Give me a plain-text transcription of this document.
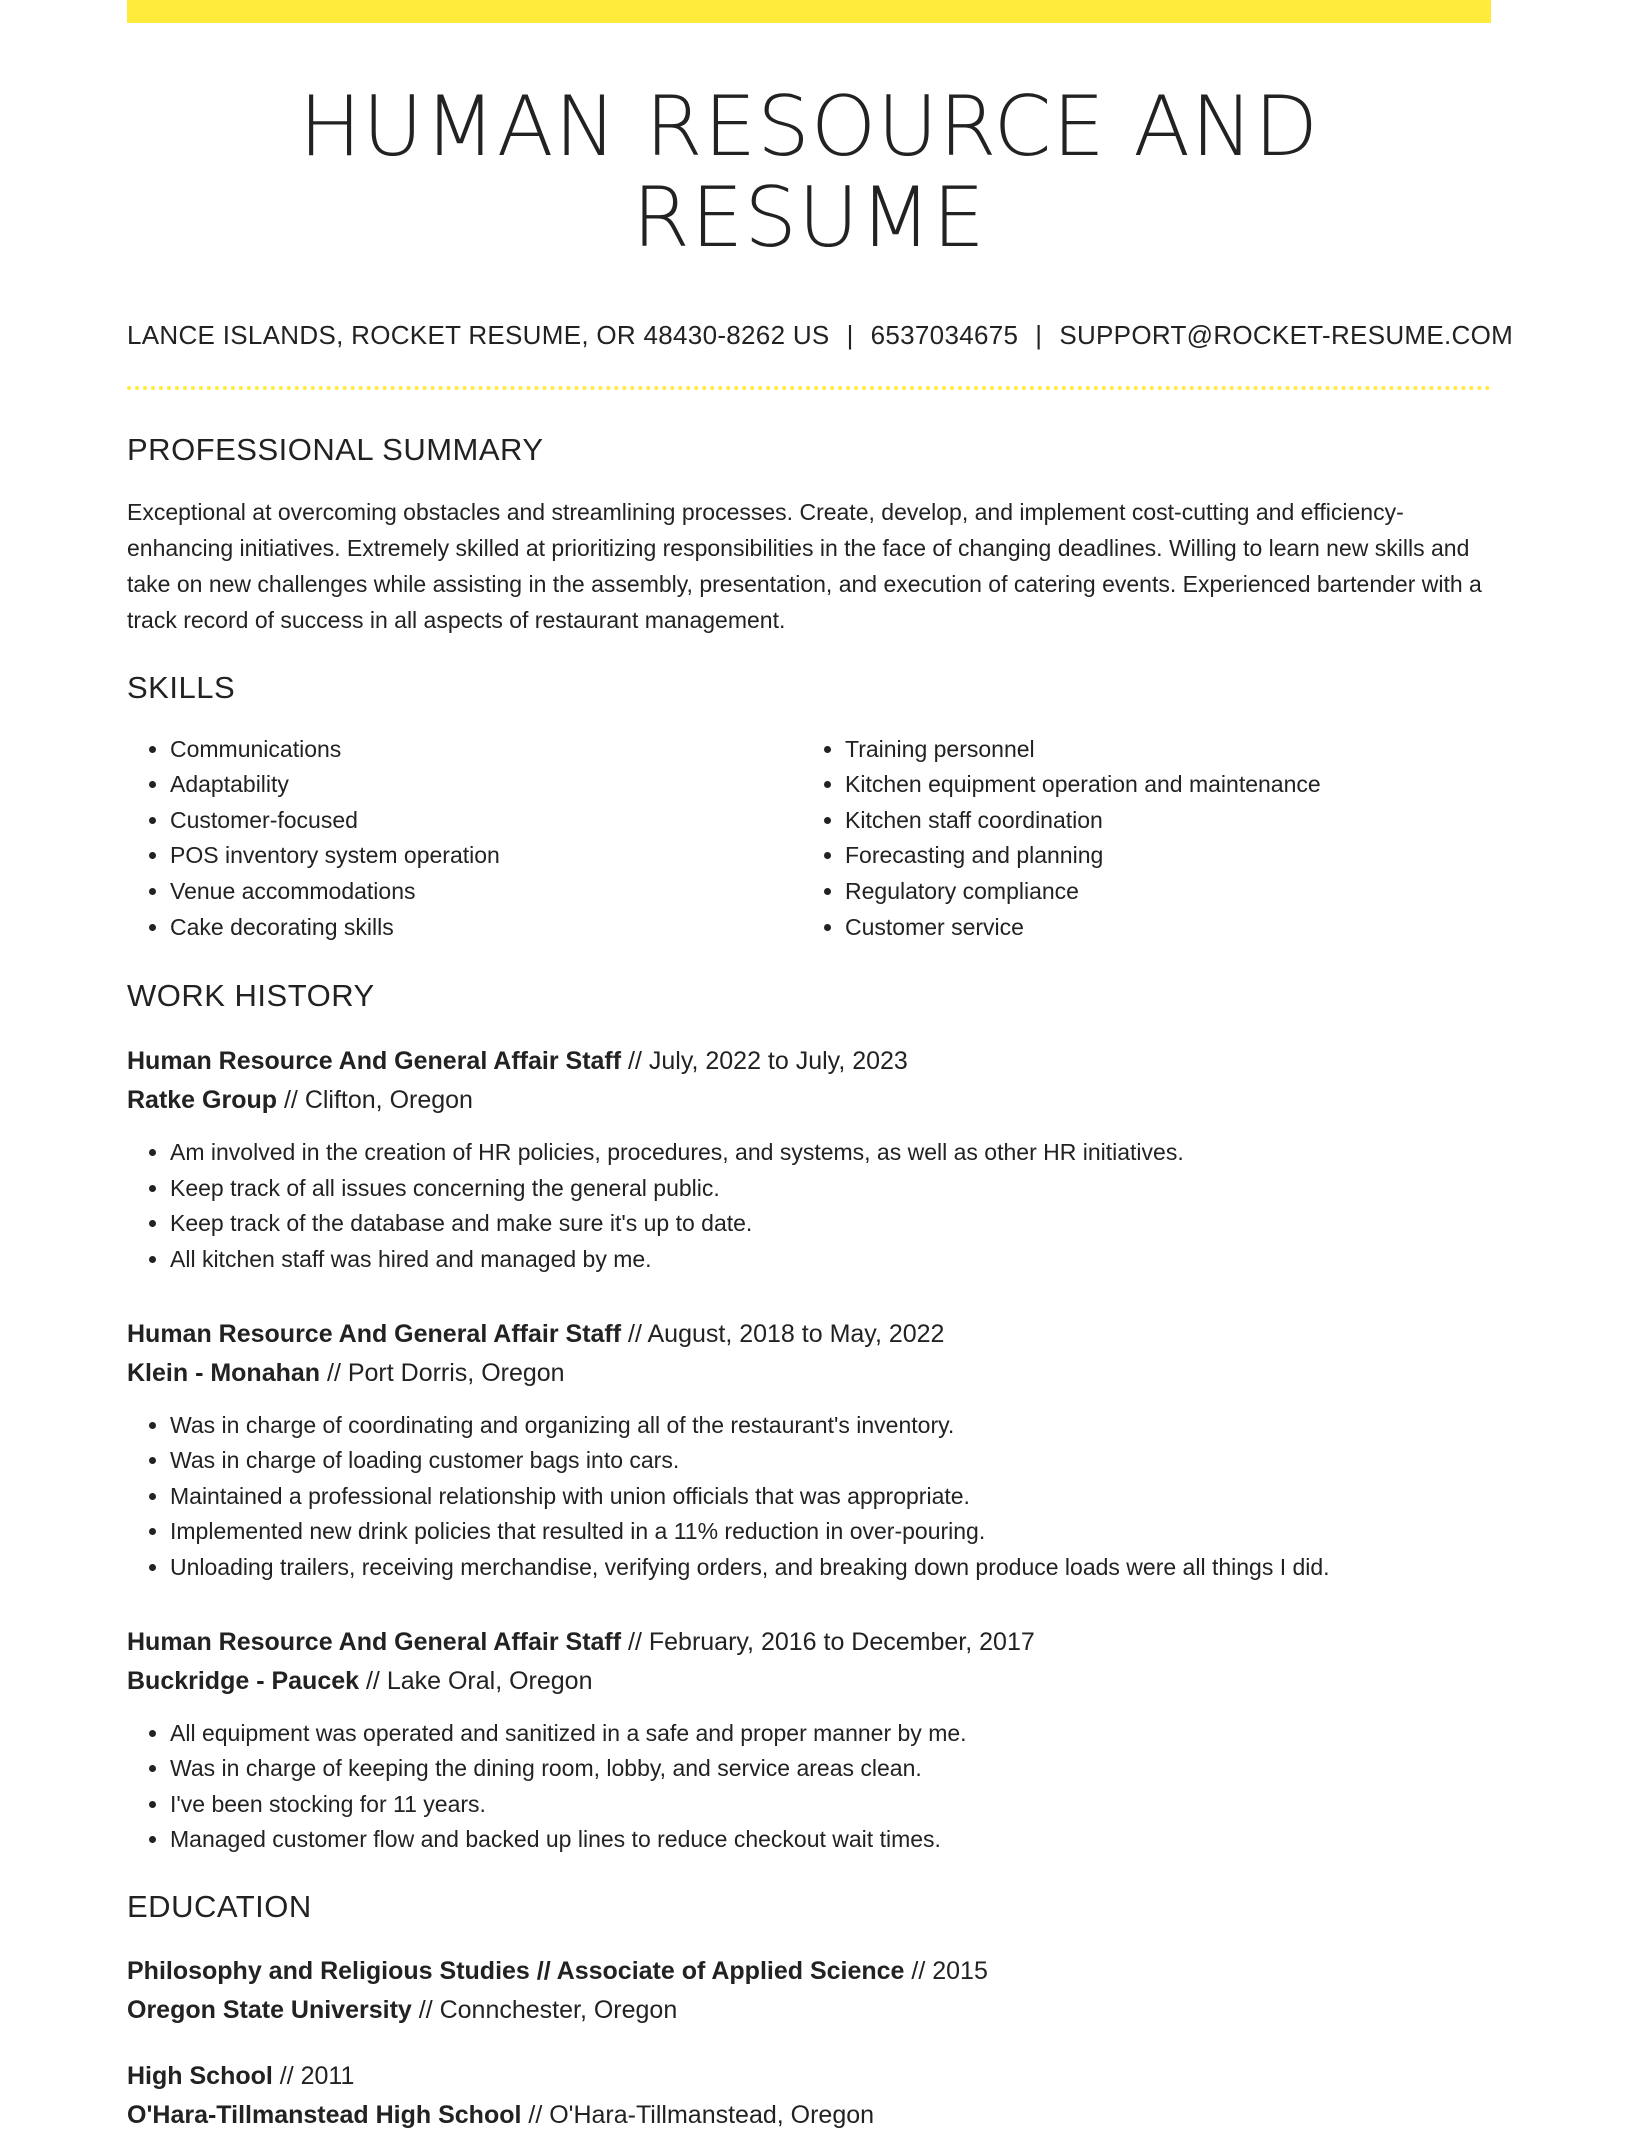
HUMAN RESOURCE AND RESUME
LANCE ISLANDS, ROCKET RESUME, OR 48430-8262 US | 6537034675 | SUPPORT@ROCKET-RESUME.COM
PROFESSIONAL SUMMARY
Exceptional at overcoming obstacles and streamlining processes. Create, develop, and implement cost-cutting and efficiency-enhancing initiatives. Extremely skilled at prioritizing responsibilities in the face of changing deadlines. Willing to learn new skills and take on new challenges while assisting in the assembly, presentation, and execution of catering events. Experienced bartender with a track record of success in all aspects of restaurant management.
SKILLS
• Communications
• Adaptability
• Customer-focused
• POS inventory system operation
• Venue accommodations
• Cake decorating skills
• Training personnel
• Kitchen equipment operation and maintenance
• Kitchen staff coordination
• Forecasting and planning
• Regulatory compliance
• Customer service
WORK HISTORY
Human Resource And General Affair Staff // July, 2022 to July, 2023
Ratke Group // Clifton, Oregon
• Am involved in the creation of HR policies, procedures, and systems, as well as other HR initiatives.
• Keep track of all issues concerning the general public.
• Keep track of the database and make sure it's up to date.
• All kitchen staff was hired and managed by me.
Human Resource And General Affair Staff // August, 2018 to May, 2022
Klein - Monahan // Port Dorris, Oregon
• Was in charge of coordinating and organizing all of the restaurant's inventory.
• Was in charge of loading customer bags into cars.
• Maintained a professional relationship with union officials that was appropriate.
• Implemented new drink policies that resulted in a 11% reduction in over-pouring.
• Unloading trailers, receiving merchandise, verifying orders, and breaking down produce loads were all things I did.
Human Resource And General Affair Staff // February, 2016 to December, 2017
Buckridge - Paucek // Lake Oral, Oregon
• All equipment was operated and sanitized in a safe and proper manner by me.
• Was in charge of keeping the dining room, lobby, and service areas clean.
• I've been stocking for 11 years.
• Managed customer flow and backed up lines to reduce checkout wait times.
EDUCATION
Philosophy and Religious Studies // Associate of Applied Science // 2015
Oregon State University // Connchester, Oregon
High School // 2011
O'Hara-Tillmanstead High School // O'Hara-Tillmanstead, Oregon
